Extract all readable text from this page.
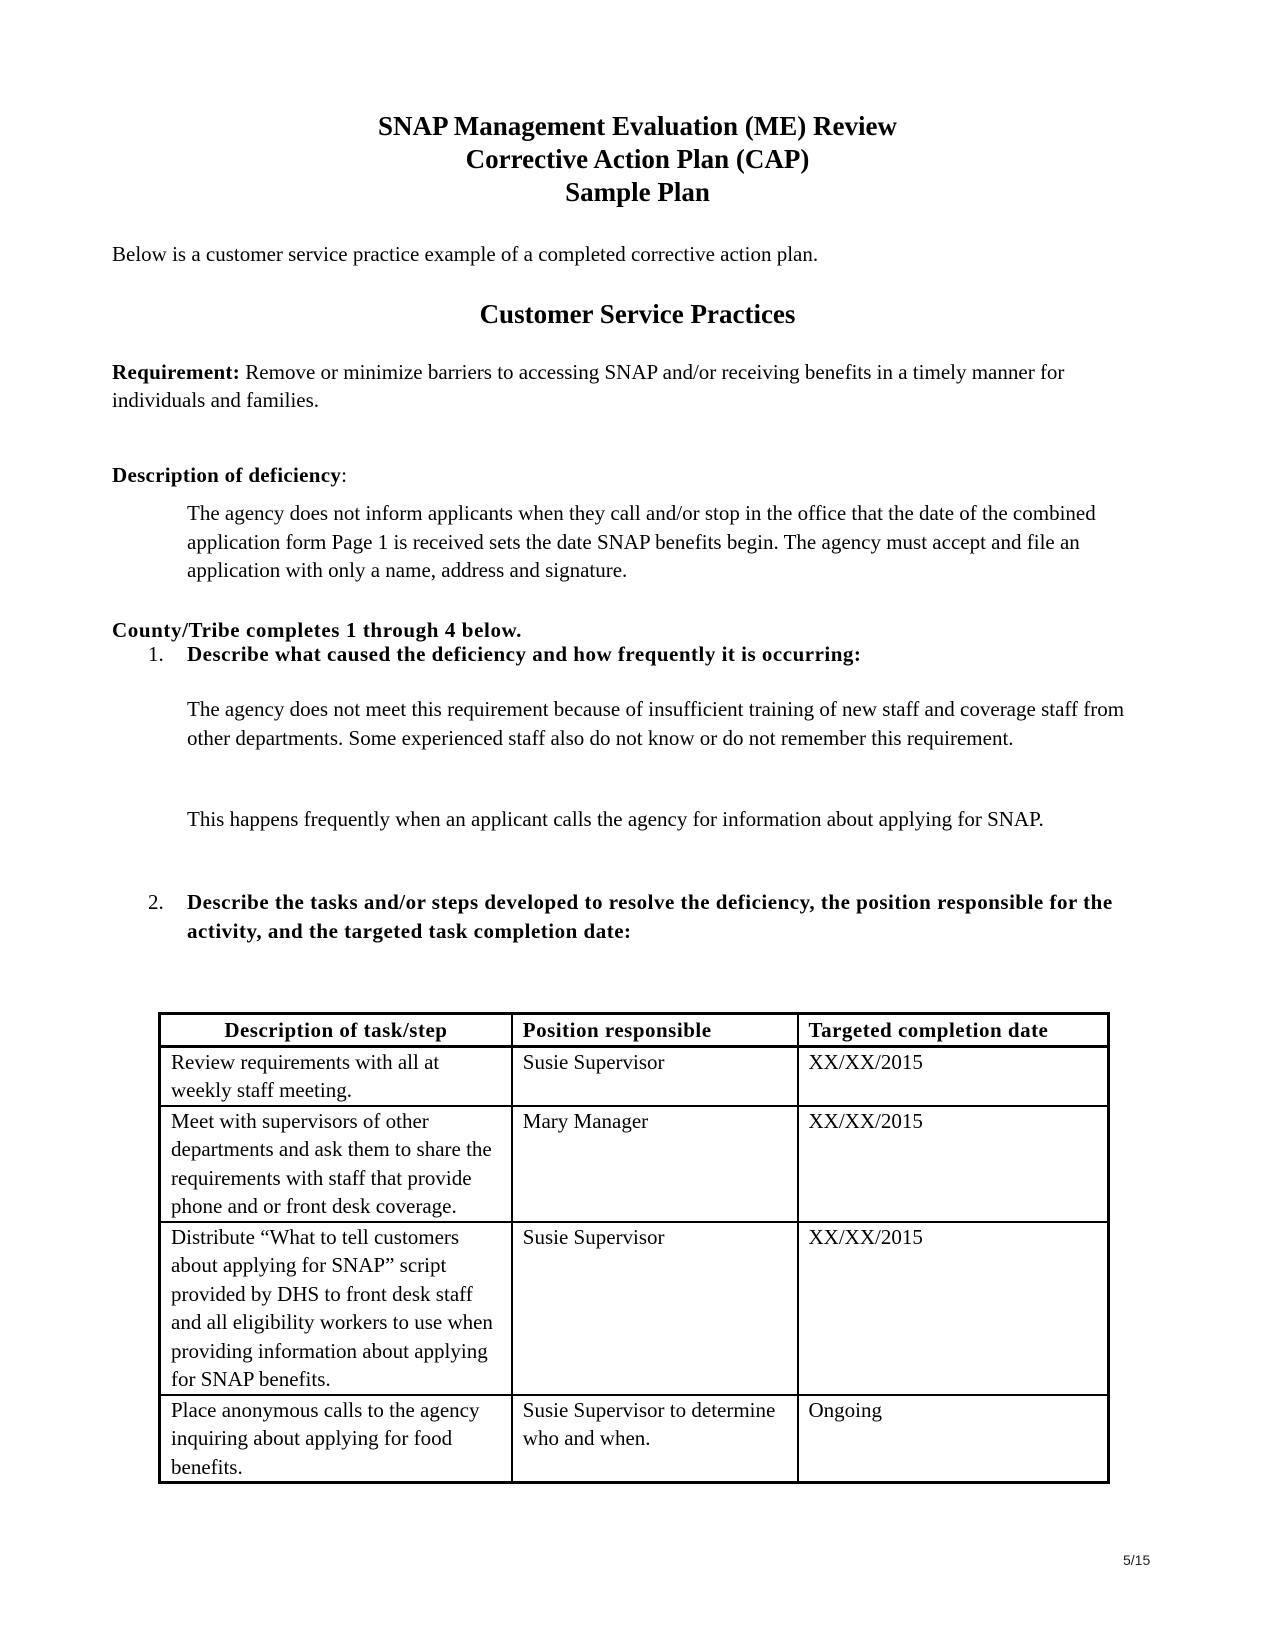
SNAP Management Evaluation (ME) Review
Corrective Action Plan (CAP)
Sample Plan
Below is a customer service practice example of a completed corrective action plan.
Customer Service Practices
Requirement: Remove or minimize barriers to accessing SNAP and/or receiving benefits in a timely manner for individuals and families.
Description of deficiency:
The agency does not inform applicants when they call and/or stop in the office that the date of the combined application form Page 1 is received sets the date SNAP benefits begin. The agency must accept and file an application with only a name, address and signature.
County/Tribe completes 1 through 4 below.
1. Describe what caused the deficiency and how frequently it is occurring:
The agency does not meet this requirement because of insufficient training of new staff and coverage staff from other departments. Some experienced staff also do not know or do not remember this requirement.
This happens frequently when an applicant calls the agency for information about applying for SNAP.
2. Describe the tasks and/or steps developed to resolve the deficiency, the position responsible for the activity, and the targeted task completion date:
Description of task/step	Position responsible	Targeted completion date
Review requirements with all at weekly staff meeting.	Susie Supervisor	XX/XX/2015
Meet with supervisors of other departments and ask them to share the requirements with staff that provide phone and or front desk coverage.	Mary Manager	XX/XX/2015
Distribute “What to tell customers about applying for SNAP” script provided by DHS to front desk staff and all eligibility workers to use when providing information about applying for SNAP benefits.	Susie Supervisor	XX/XX/2015
Place anonymous calls to the agency inquiring about applying for food benefits.	Susie Supervisor to determine who and when.	Ongoing
5/15
